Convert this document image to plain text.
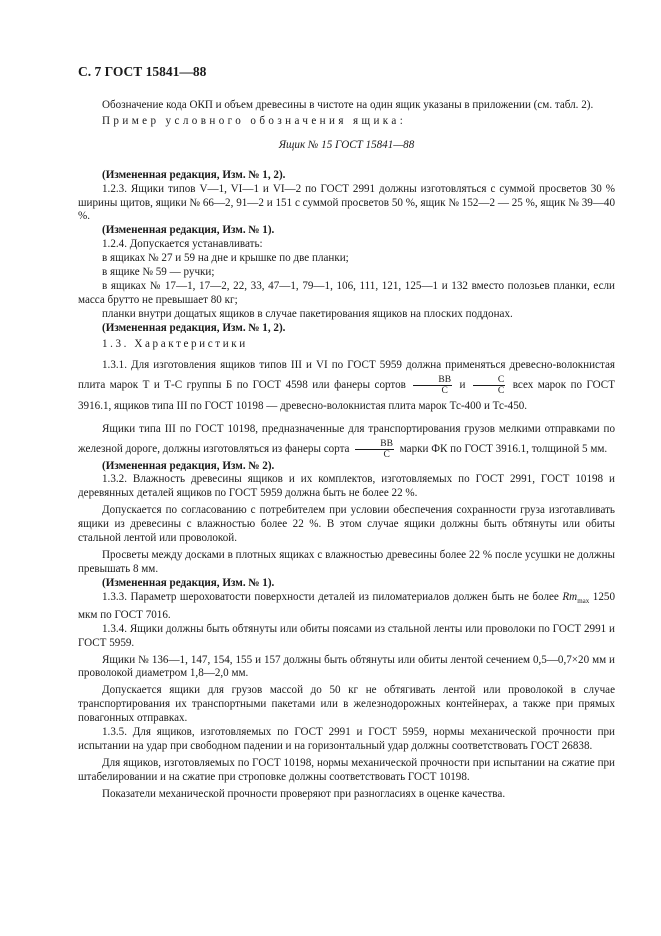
С. 7 ГОСТ 15841—88

Обозначение кода ОКП и объем древесины в чистоте на один ящик указаны в приложении (см. табл. 2).

Пример условного обозначения ящика:

Ящик № 15 ГОСТ 15841—88

(Измененная редакция, Изм. № 1, 2).

1.2.3. Ящики типов V—1, VI—1 и VI—2 по ГОСТ 2991 должны изготовляться с суммой просветов 30 % ширины щитов, ящики № 66—2, 91—2 и 151 с суммой просветов 50 %, ящик № 152—2 — 25 %, ящик № 39—40 %.

(Измененная редакция, Изм. № 1).

1.2.4. Допускается устанавливать:

в ящиках № 27 и 59 на дне и крышке по две планки;

в ящике № 59 — ручки;

в ящиках № 17—1, 17—2, 22, 33, 47—1, 79—1, 106, 111, 121, 125—1 и 132 вместо полозьев планки, если масса брутто не превышает 80 кг;

планки внутри дощатых ящиков в случае пакетирования ящиков на плоских поддонах.

(Измененная редакция, Изм. № 1, 2).

1.3. Характеристики

1.3.1. Для изготовления ящиков типов III и VI по ГОСТ 5959 должна применяться древесно-волокнистая плита марок Т и Т-С группы Б по ГОСТ 4598 или фанеры сортов $\frac{ВВ}{С}$ и $\frac{С}{С}$ всех марок по ГОСТ 3916.1, ящиков типа III по ГОСТ 10198 — древесно-волокнистая плита марок Тс-400 и Тс-450.

Ящики типа III по ГОСТ 10198, предназначенные для транспортирования грузов мелкими отправками по железной дороге, должны изготовляться из фанеры сорта $\frac{ВВ}{С}$ марки ФК по ГОСТ 3916.1, толщиной 5 мм.

(Измененная редакция, Изм. № 2).

1.3.2. Влажность древесины ящиков и их комплектов, изготовляемых по ГОСТ 2991, ГОСТ 10198 и деревянных деталей ящиков по ГОСТ 5959 должна быть не более 22 %.

Допускается по согласованию с потребителем при условии обеспечения сохранности груза изготавливать ящики из древесины с влажностью более 22 %. В этом случае ящики должны быть обтянуты или обиты стальной лентой или проволокой.

Просветы между досками в плотных ящиках с влажностью древесины более 22 % после усушки не должны превышать 8 мм.

(Измененная редакция, Изм. № 1).

1.3.3. Параметр шероховатости поверхности деталей из пиломатериалов должен быть не более $Rm_{max}$ 1250 мкм по ГОСТ 7016.

1.3.4. Ящики должны быть обтянуты или обиты поясами из стальной ленты или проволоки по ГОСТ 2991 и ГОСТ 5959.

Ящики № 136—1, 147, 154, 155 и 157 должны быть обтянуты или обиты лентой сечением 0,5—0,7×20 мм и проволокой диаметром 1,8—2,0 мм.

Допускается ящики для грузов массой до 50 кг не обтягивать лентой или проволокой в случае транспортирования их транспортными пакетами или в железнодорожных контейнерах, а также при прямых повагонных отправках.

1.3.5. Для ящиков, изготовляемых по ГОСТ 2991 и ГОСТ 5959, нормы механической прочности при испытании на удар при свободном падении и на горизонтальный удар должны соответствовать ГОСТ 26838.

Для ящиков, изготовляемых по ГОСТ 10198, нормы механической прочности при испытании на сжатие при штабелировании и на сжатие при строповке должны соответствовать ГОСТ 10198.

Показатели механической прочности проверяют при разногласиях в оценке качества.
